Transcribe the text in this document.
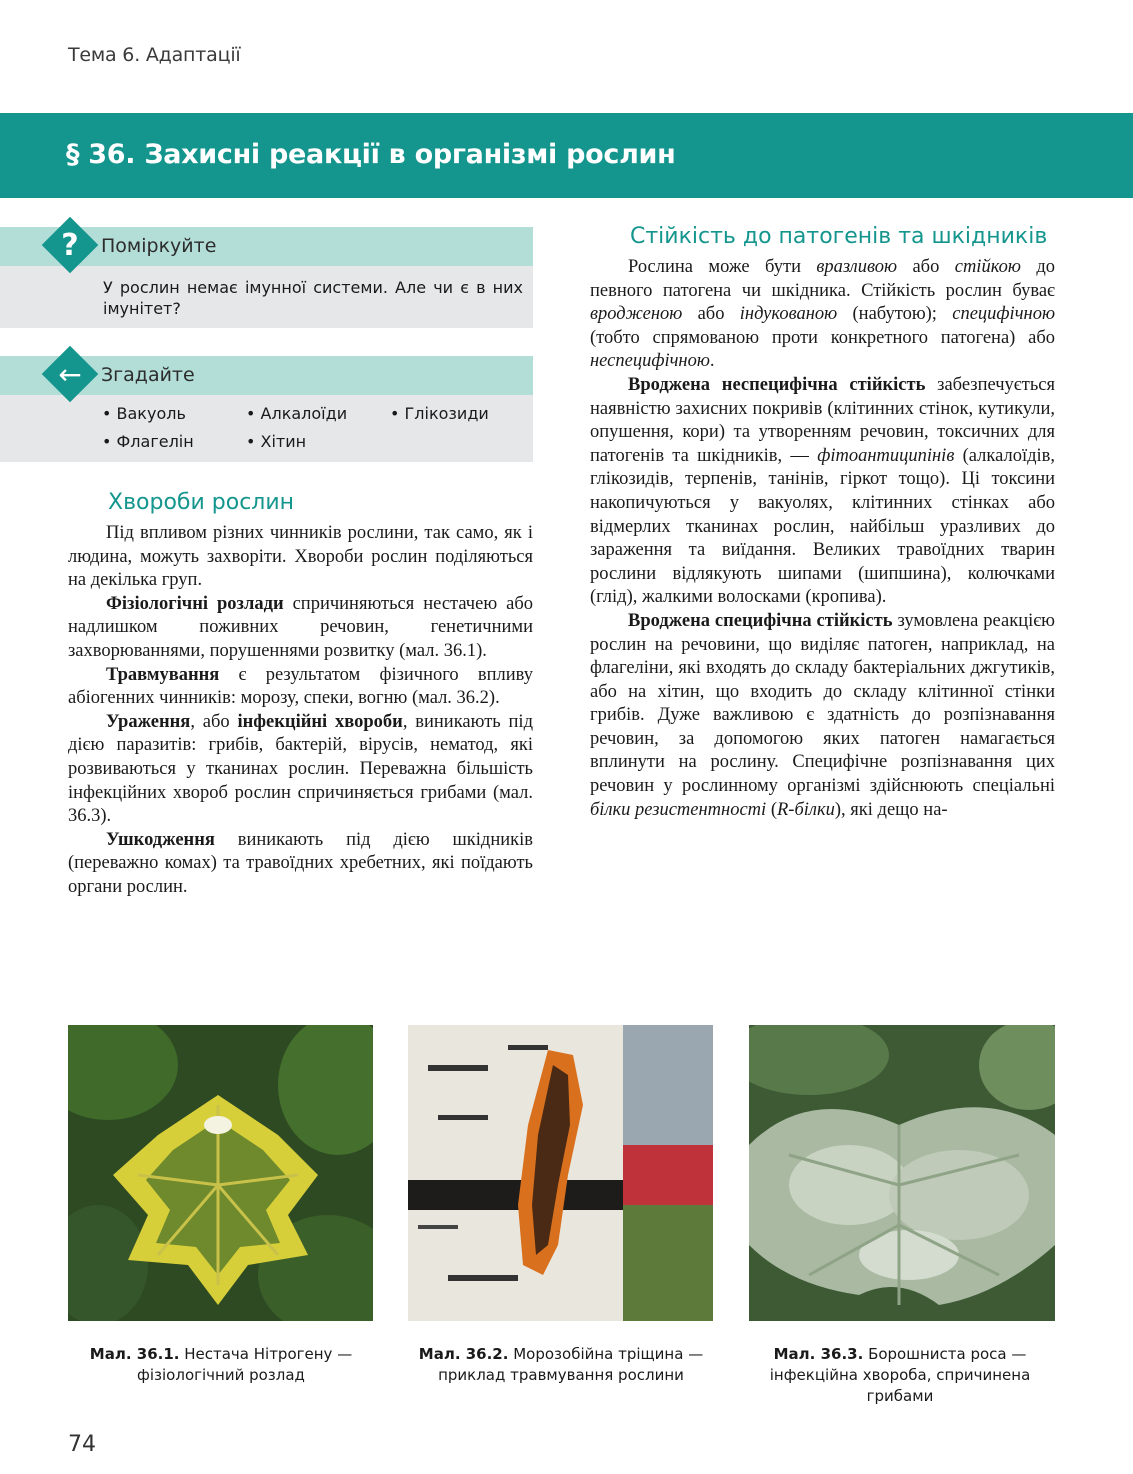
Тема 6. Адаптації
§ 36. Захисні реакції в організмі рослин
?	Поміркуйте
У рослин немає імунної системи. Але чи є в них імунітет?
←	Згадайте
• Вакуоль	• Алкалоїди	• Глікозиди
• Флагелін	• Хітин
Хвороби рослин

Під впливом різних чинників рослини, так само, як і людина, можуть захворіти. Хвороби рослин поділяються на декілька груп.

Фізіологічні розлади спричиняються нестачею або надлишком поживних речовин, генетичними захворюваннями, порушеннями розвитку (мал. 36.1).

Травмування є результатом фізичного впливу абіогенних чинників: морозу, спеки, вогню (мал. 36.2).

Ураження, або інфекційні хвороби, виникають під дією паразитів: грибів, бактерій, вірусів, нематод, які розвиваються у тканинах рослин. Переважна більшість інфекційних хвороб рослин спричиняється грибами (мал. 36.3).

Ушкодження виникають під дією шкідників (переважно комах) та травоїдних хребетних, які поїдають органи рослин.

Стійкість до патогенів та шкідників

Рослина може бути вразливою або стійкою до певного патогена чи шкідника. Стійкість рослин буває вродженою або індукованою (набутою); специфічною (тобто спрямованою проти конкретного патогена) або неспецифічною.

Вроджена неспецифічна стійкість забезпечується наявністю захисних покривів (клітинних стінок, кутикули, опушення, кори) та утворенням речовин, токсичних для патогенів та шкідників, — фітоантиципінів (алкалоїдів, глікозидів, терпенів, танінів, гіркот тощо). Ці токсини накопичуються у вакуолях, клітинних стінках або відмерлих тканинах рослин, найбільш уразливих до зараження та виїдання. Великих травоїдних тварин рослини відлякують шипами (шипшина), колючками (глід), жалкими волосками (кропива).

Вроджена специфічна стійкість зумовлена реакцією рослин на речовини, що виділяє патоген, наприклад, на флагеліни, які входять до складу бактеріальних джгутиків, або на хітин, що входить до складу клітинної стінки грибів. Дуже важливою є здатність до розпізнавання речовин, за допомогою яких патоген намагається вплинути на рослину. Специфічне розпізнавання цих речовин у рослинному організмі здійснюють спеціальні білки резистентності (R-білки), які дещо на-

Мал. 36.1. Нестача Нітрогену — фізіологічний розлад
Мал. 36.2. Морозобійна тріщина — приклад травмування рослини
Мал. 36.3. Борошниста роса — інфекційна хвороба, спричинена грибами
74
